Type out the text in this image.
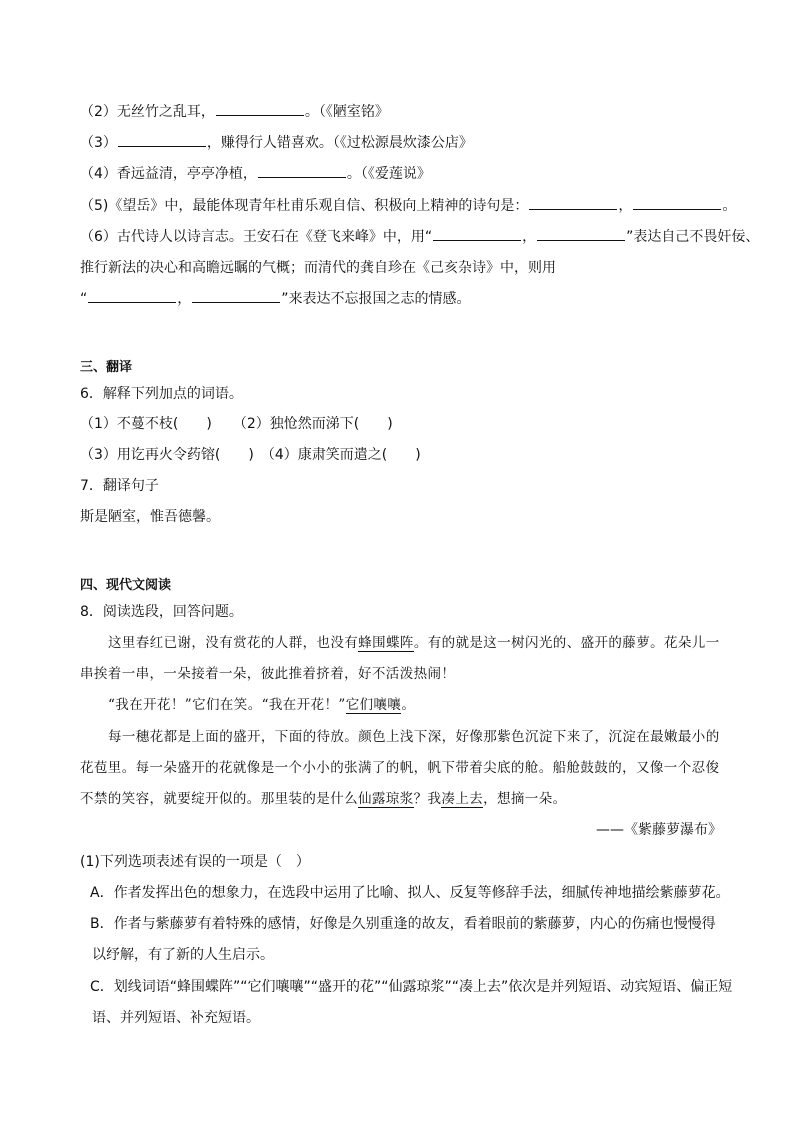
（2）无丝竹之乱耳，	。（《陋室铭》
（3）	，赚得行人错喜欢。（《过松源晨炊漆公店》
（4）香远益清，亭亭净植，	。（《爱莲说》
（5)《望岳》中，最能体现青年杜甫乐观自信、积极向上精神的诗句是：	，	。
（6）古代诗人以诗言志。王安石在《登飞来峰》中，用“	，	”表达自己不畏奸佞、
推行新法的决心和高瞻远瞩的气概；而清代的龚自珍在《己亥杂诗》中，则用
“	，	”来表达不忘报国之志的情感。
三、翻译
6．解释下列加点的词语。
（1）不蔓不枝(　　)　　（2）独怆然而涕下(　　)
（3）用讫再火令药镕(　　)　（4）康肃笑而遣之(　　)
7．翻译句子
斯是陋室，惟吾德馨。
四、现代文阅读
8．阅读选段，回答问题。
这里春红已谢，没有赏花的人群，也没有蜂围蝶阵。有的就是这一树闪光的、盛开的藤萝。花朵儿一
串挨着一串，一朵接着一朵，彼此推着挤着，好不活泼热闹！
“我在开花！”它们在笑。“我在开花！”它们嚷嚷。
每一穗花都是上面的盛开，下面的待放。颜色上浅下深，好像那紫色沉淀下来了，沉淀在最嫩最小的
花苞里。每一朵盛开的花就像是一个小小的张满了的帆，帆下带着尖底的舱。船舱鼓鼓的，又像一个忍俊
不禁的笑容，就要绽开似的。那里装的是什么仙露琼浆？我凑上去，想摘一朵。
——《紫藤萝瀑布》
(1)下列选项表述有误的一项是（　）
A．作者发挥出色的想象力，在选段中运用了比喻、拟人、反复等修辞手法，细腻传神地描绘紫藤萝花。
B．作者与紫藤萝有着特殊的感情，好像是久别重逢的故友，看着眼前的紫藤萝，内心的伤痛也慢慢得
以纾解，有了新的人生启示。
C．划线词语“蜂围蝶阵”“它们嚷嚷”“盛开的花”“仙露琼浆”“凑上去”依次是并列短语、动宾短语、偏正短
语、并列短语、补充短语。
